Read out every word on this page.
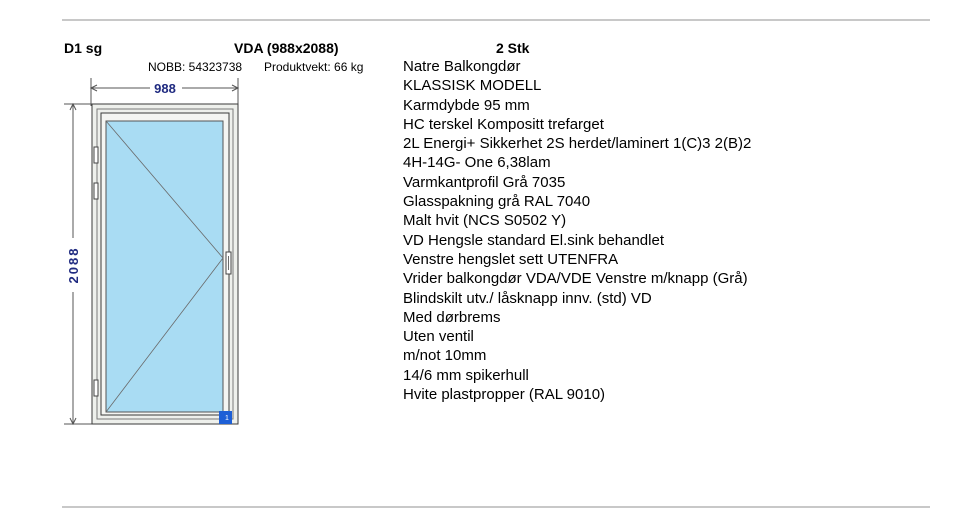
D1 sg	VDA (988x2088)	2 Stk
NOBB: 54323738 Produktvekt: 66 kg
988
2088
1
Natre Balkongdør
KLASSISK MODELL
Karmdybde 95 mm
HC terskel Kompositt trefarget
2L Energi+ Sikkerhet 2S herdet/laminert 1(C)3 2(B)2
4H-14G- One 6,38lam
Varmkantprofil Grå 7035
Glasspakning grå RAL 7040
Malt hvit (NCS S0502 Y)
VD Hengsle standard El.sink behandlet
Venstre hengslet sett UTENFRA
Vrider balkongdør VDA/VDE Venstre m/knapp (Grå)
Blindskilt utv./ låsknapp innv. (std) VD
Med dørbrems
Uten ventil
m/not 10mm
14/6 mm spikerhull
Hvite plastpropper (RAL 9010)
